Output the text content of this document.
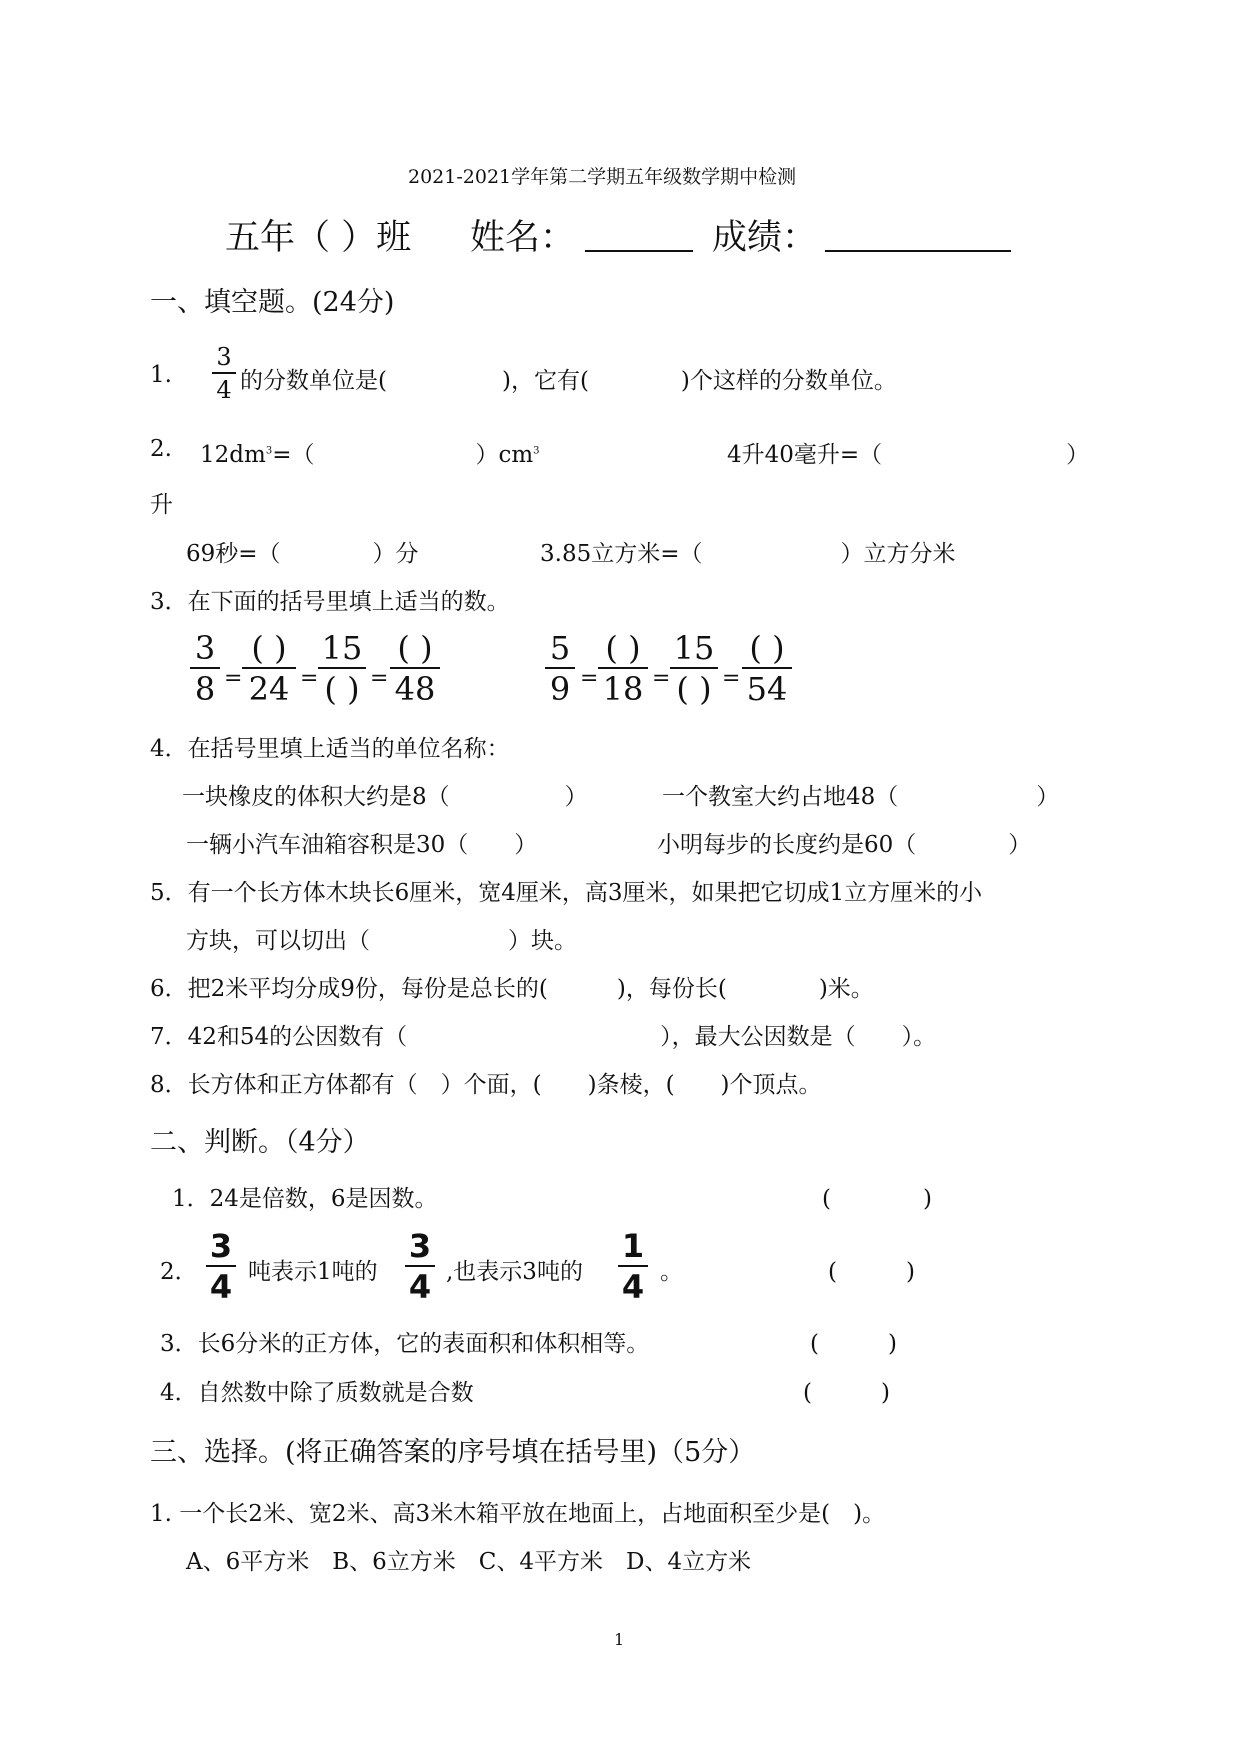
2021-2021学年第二学期五年级数学期中检测
五年（ ）班 姓名：	成绩：
一、填空题。(24分)
1.
3
4 的分数单位是(　　　　　)，它有(　　　　)个这样的分数单位。
2. $12dm^3=$（　　　　　　　）$cm^3$	4升40毫升=（　　　　　　　　）
升
69秒=（　　　　）分	3.85立方米=（　　　　　　）立方分米
3．在下面的括号里填上适当的数。
3
8 =
( )
24 =
15
( ) =
( )
48
5
9 =
( )
18 =
15
( ) =
( )
54
4．在括号里填上适当的单位名称：
一块橡皮的体积大约是8（　　　　　）	一个教室大约占地48（　　　　　　）
一辆小汽车油箱容积是30（　　）	小明每步的长度约是60（　　　　）
5．有一个长方体木块长6厘米，宽4厘米，高3厘米，如果把它切成1立方厘米的小
方块，可以切出（　　　　　　）块。
6．把2米平均分成9份，每份是总长的(　　　)，每份长(　　　　)米。
7．42和54的公因数有（　　　　　　　　　　　），最大公因数是（　　）。
8．长方体和正方体都有（　）个面，(　　)条棱，(　　)个顶点。
二、判断。（4分）
1．24是倍数，6是因数。	(　　　　)
2．
3
4 吨表示1吨的
3
4 ,也表示3吨的
1
4 。	(　　　)
3．长6分米的正方体，它的表面积和体积相等。	(　　　)
4．自然数中除了质数就是合数	(　　　)
三、选择。(将正确答案的序号填在括号里)（5分）
1. 一个长2米、宽2米、高3米木箱平放在地面上，占地面积至少是(　)。
A、6平方米　B、6立方米　C、4平方米　D、4立方米
1
